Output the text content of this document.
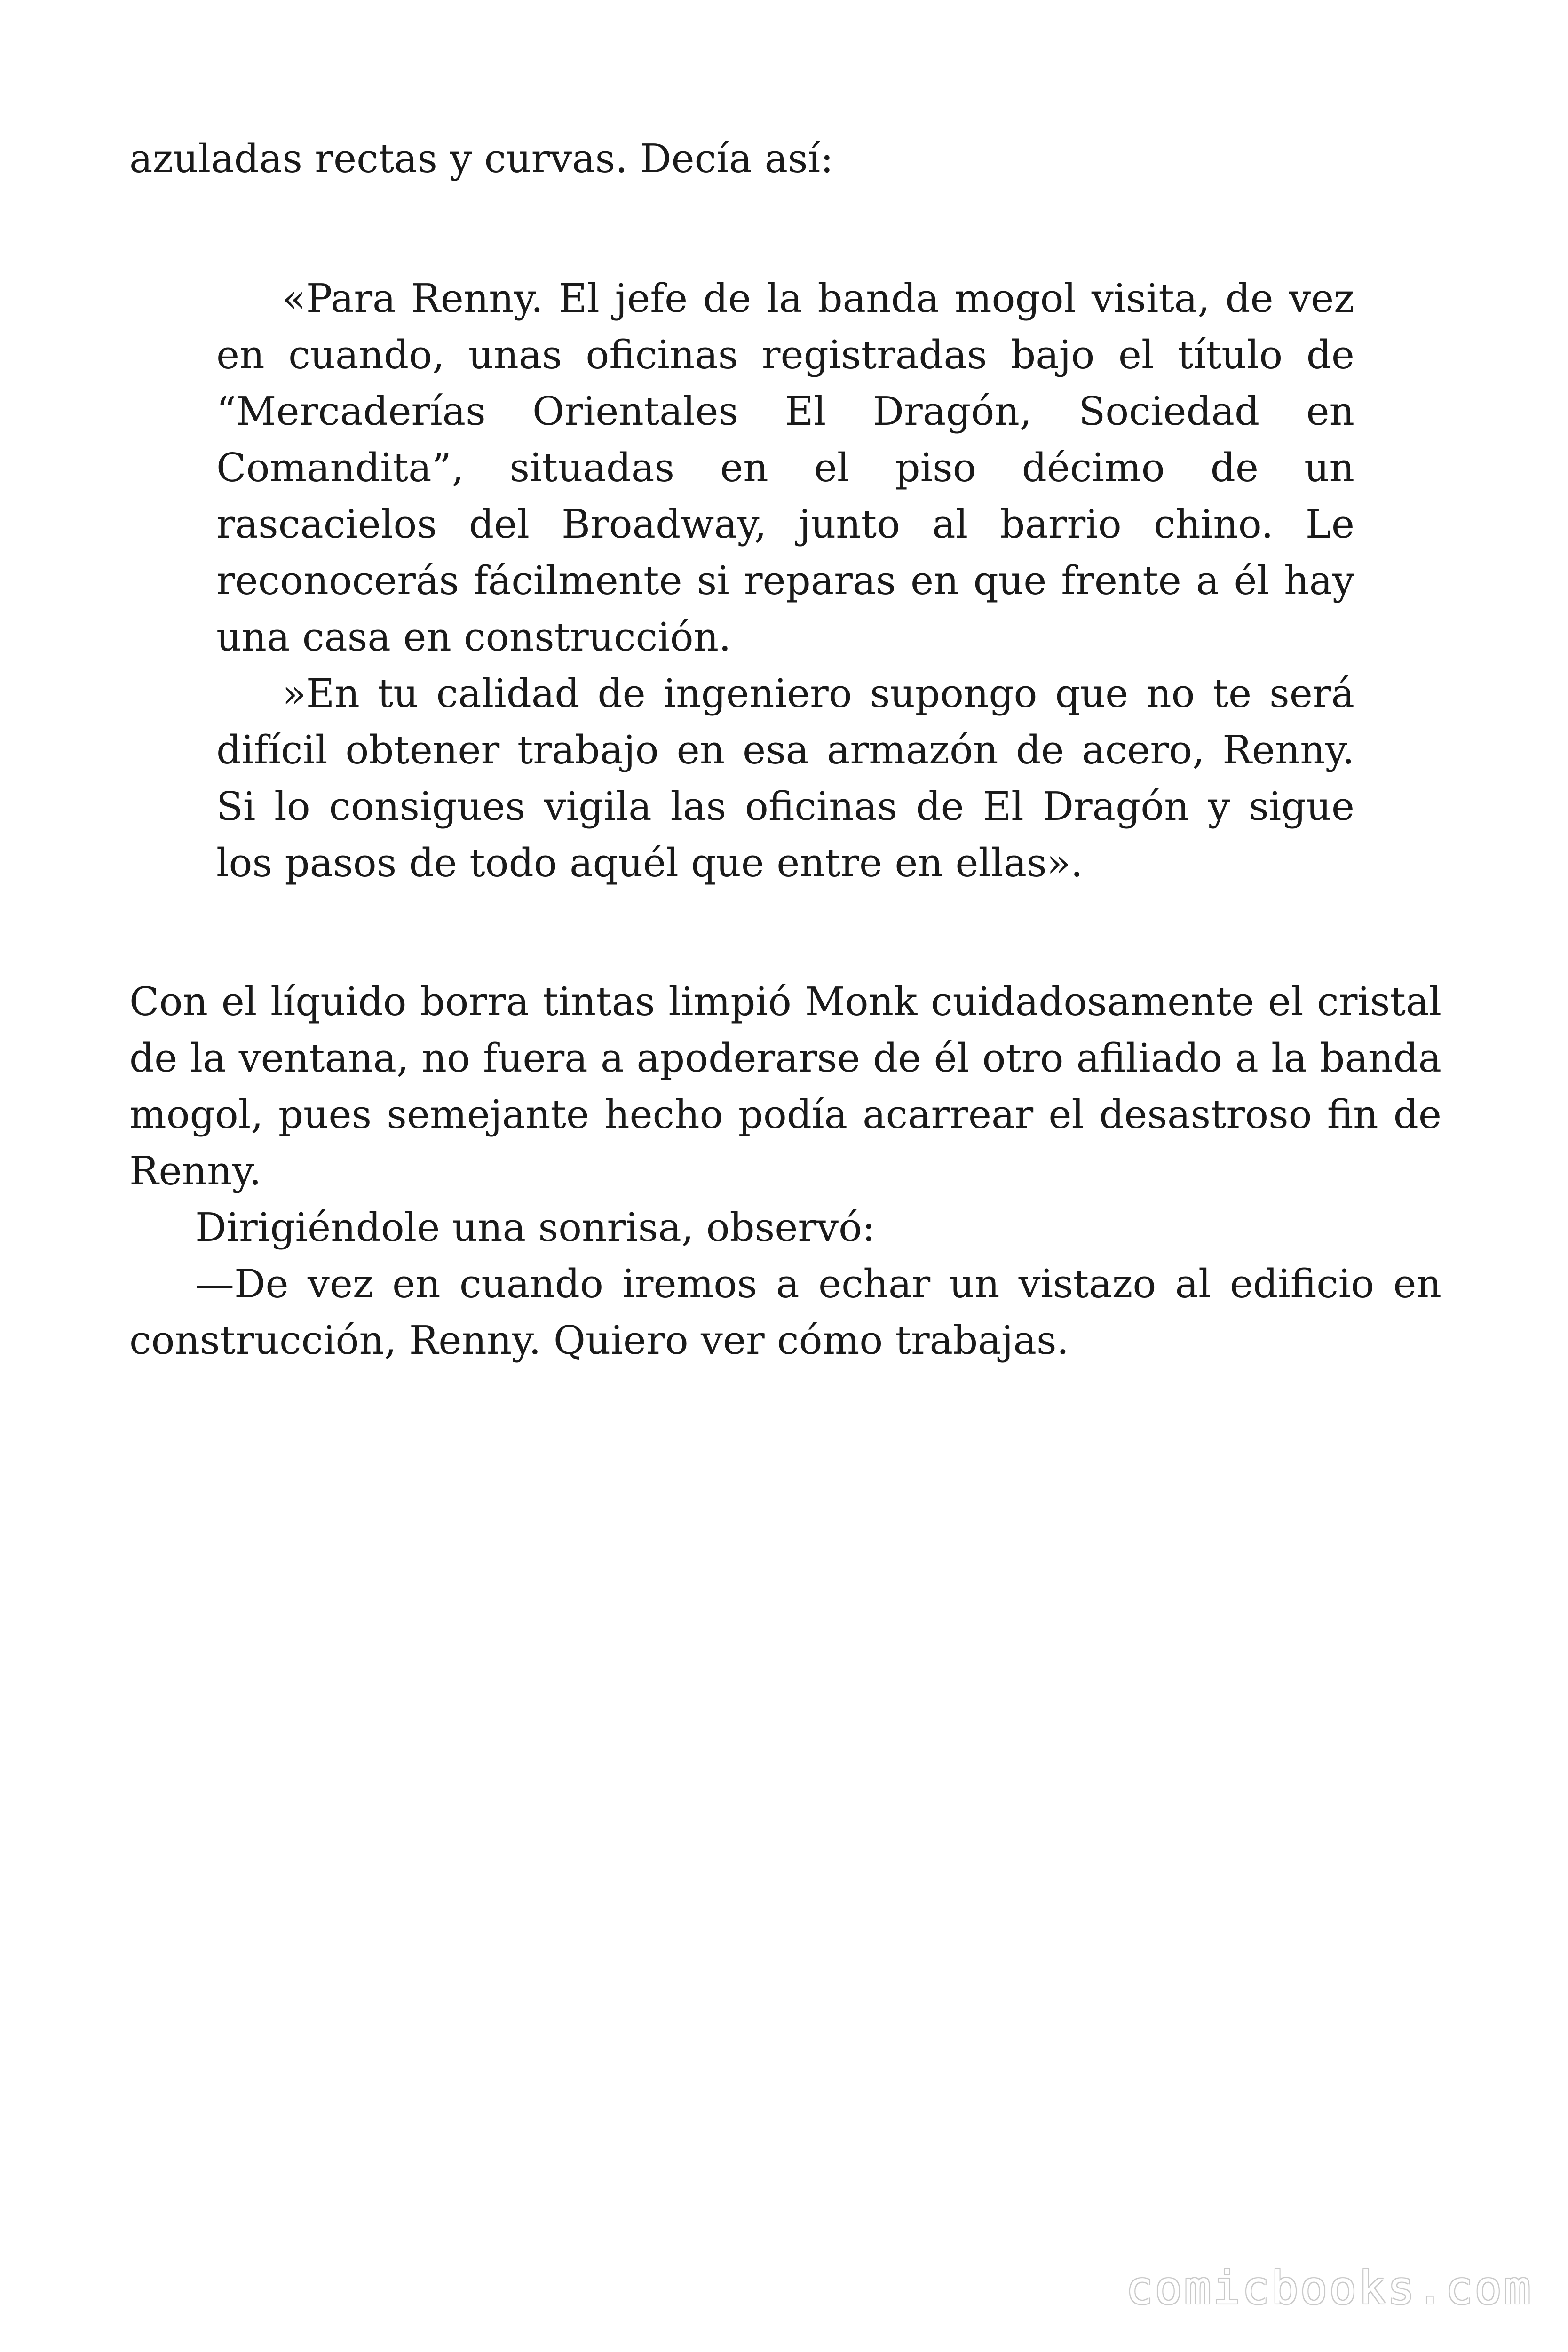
azuladas rectas y curvas. Decía así:

«Para Renny. El jefe de la banda mogol visita, de vez en cuando, unas oficinas registradas bajo el título de “Mercaderías Orientales El Dragón, Sociedad en Comandita”, situadas en el piso décimo de un rascacielos del Broadway, junto al barrio chino. Le reconocerás fácilmente si reparas en que frente a él hay una casa en construcción.

»En tu calidad de ingeniero supongo que no te será difícil obtener trabajo en esa armazón de acero, Renny. Si lo consigues vigila las oficinas de El Dragón y sigue los pasos de todo aquél que entre en ellas».

Con el líquido borra tintas limpió Monk cuidadosamente el cristal de la ventana, no fuera a apoderarse de él otro afiliado a la banda mogol, pues semejante hecho podía acarrear el desastroso fin de Renny.

Dirigiéndole una sonrisa, observó:

—De vez en cuando iremos a echar un vistazo al edificio en construcción, Renny. Quiero ver cómo trabajas.

comicbooks.com
